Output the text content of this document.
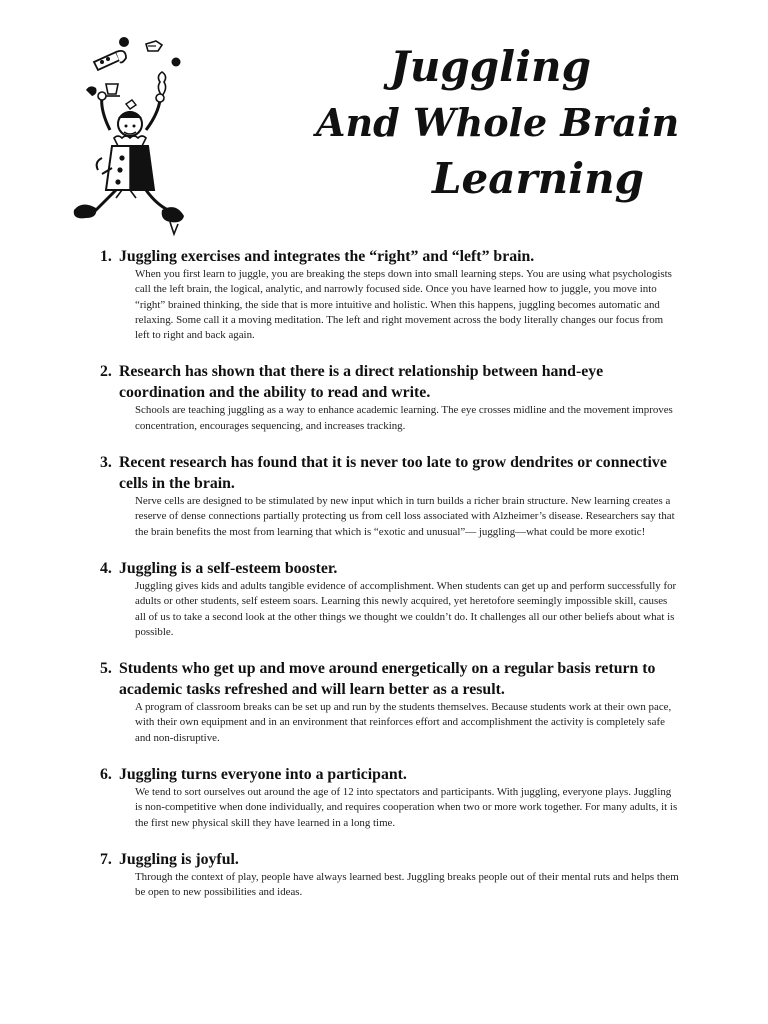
Juggling
And Whole Brain
Learning
1. Juggling exercises and integrates the “right” and “left” brain.
When you first learn to juggle, you are breaking the steps down into small learning steps. You are using what psychologists call the left brain, the logical, analytic, and narrowly focused side. Once you have learned how to juggle, you move into “right” brained thinking, the side that is more intuitive and holistic. When this happens, juggling becomes automatic and relaxing. Some call it a moving meditation. The left and right movement across the body literally changes our focus from left to right and back again.
2. Research has shown that there is a direct relationship between hand-eye coordination and the ability to read and write.
Schools are teaching juggling as a way to enhance academic learning. The eye crosses midline and the movement improves concentration, encourages sequencing, and increases tracking.
3. Recent research has found that it is never too late to grow dendrites or connective cells in the brain.
Nerve cells are designed to be stimulated by new input which in turn builds a richer brain structure. New learning creates a reserve of dense connections partially protecting us from cell loss associated with Alzheimer’s disease. Researchers say that the brain benefits the most from learning that which is “exotic and unusual”— juggling—what could be more exotic!
4. Juggling is a self-esteem booster.
Juggling gives kids and adults tangible evidence of accomplishment. When students can get up and perform successfully for adults or other students, self esteem soars. Learning this newly acquired, yet heretofore seemingly impossible skill, causes all of us to take a second look at the other things we thought we couldn’t do. It challenges all our other beliefs about what is possible.
5. Students who get up and move around energetically on a regular basis return to academic tasks refreshed and will learn better as a result.
A program of classroom breaks can be set up and run by the students themselves. Because students work at their own pace, with their own equipment and in an environment that reinforces effort and accomplishment the activity is completely safe and non-disruptive.
6. Juggling turns everyone into a participant.
We tend to sort ourselves out around the age of 12 into spectators and participants. With juggling, everyone plays. Juggling is non-competitive when done individually, and requires cooperation when two or more work together. For many adults, it is the first new physical skill they have learned in a long time.
7. Juggling is joyful.
Through the context of play, people have always learned best. Juggling breaks people out of their mental ruts and helps them be open to new possibilities and ideas.
